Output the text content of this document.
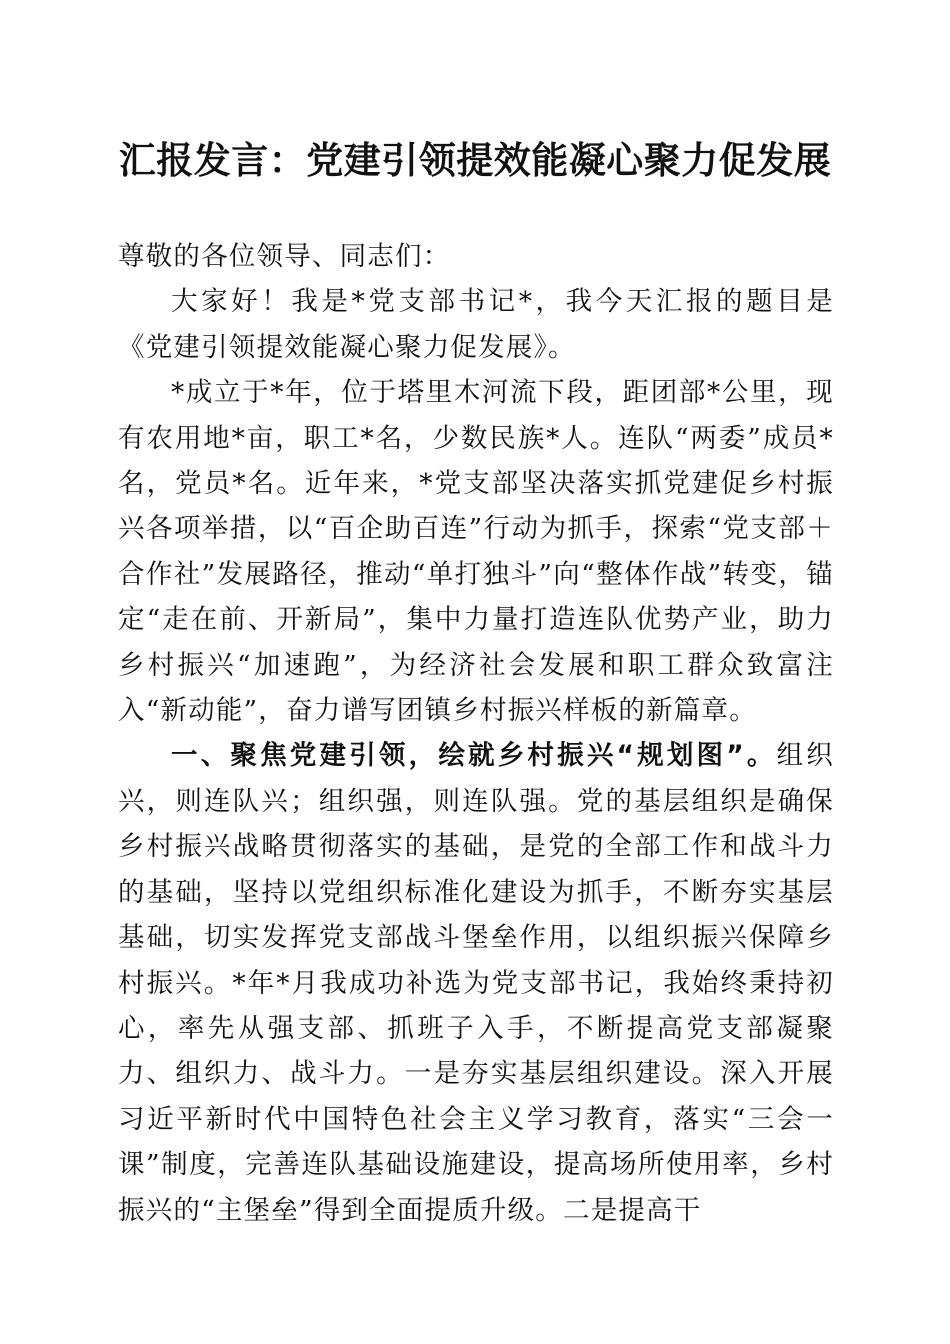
汇报发言：党建引领提效能凝心聚力促发展

尊敬的各位领导、同志们：

大家好！我是*党支部书记*，我今天汇报的题目是《党建引领提效能凝心聚力促发展》。

*成立于*年，位于塔里木河流下段，距团部*公里，现有农用地*亩，职工*名，少数民族*人。连队“两委”成员*名，党员*名。近年来，*党支部坚决落实抓党建促乡村振兴各项举措，以“百企助百连”行动为抓手，探索“党支部＋合作社”发展路径，推动“单打独斗”向“整体作战”转变，锚定“走在前、开新局”，集中力量打造连队优势产业，助力乡村振兴“加速跑”，为经济社会发展和职工群众致富注入“新动能”，奋力谱写团镇乡村振兴样板的新篇章。

一、聚焦党建引领，绘就乡村振兴“规划图”。组织兴，则连队兴；组织强，则连队强。党的基层组织是确保乡村振兴战略贯彻落实的基础，是党的全部工作和战斗力的基础，坚持以党组织标准化建设为抓手，不断夯实基层基础，切实发挥党支部战斗堡垒作用，以组织振兴保障乡村振兴。*年*月我成功补选为党支部书记，我始终秉持初心，率先从强支部、抓班子入手，不断提高党支部凝聚力、组织力、战斗力。一是夯实基层组织建设。深入开展习近平新时代中国特色社会主义学习教育，落实“三会一课”制度，完善连队基础设施建设，提高场所使用率，乡村振兴的“主堡垒”得到全面提质升级。二是提高干
